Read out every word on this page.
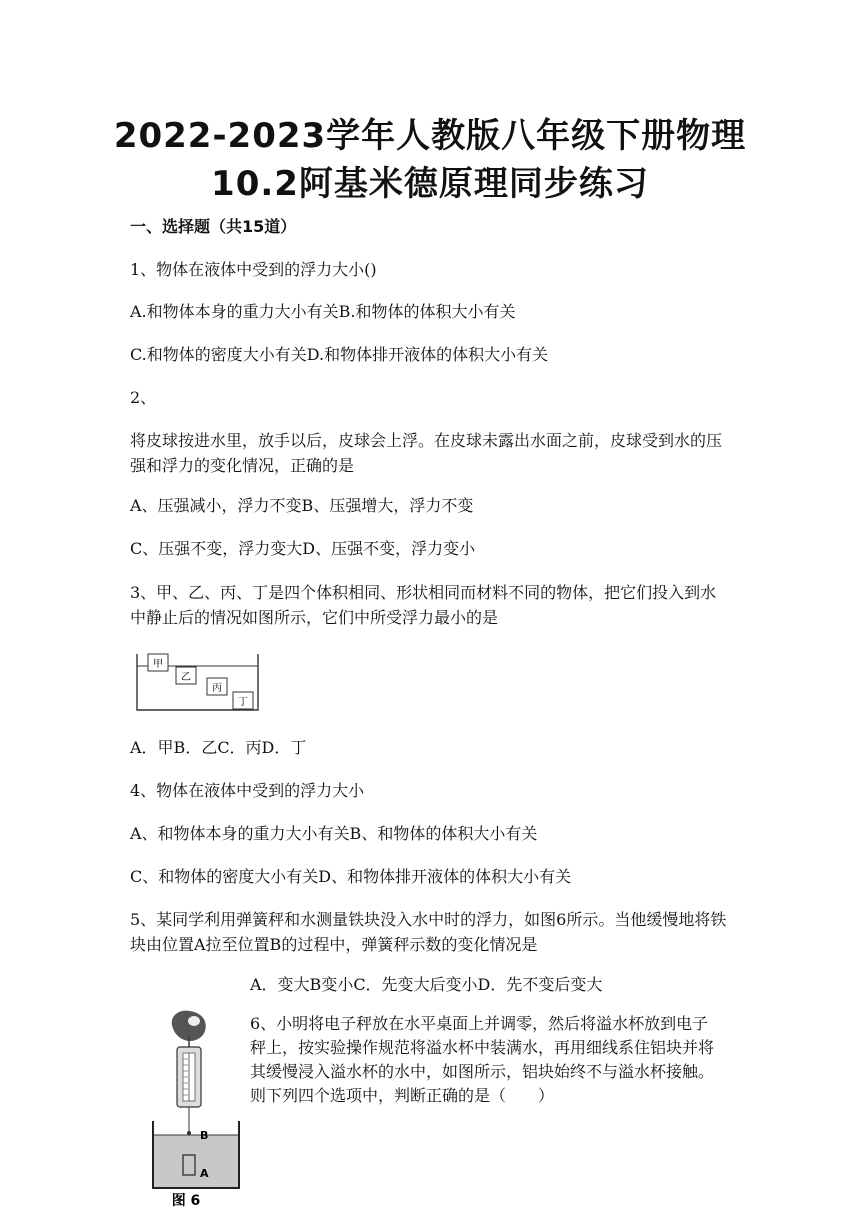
2022-2023学年人教版八年级下册物理
10.2阿基米德原理同步练习
一、选择题（共15道）
1、物体在液体中受到的浮力大小()
A.和物体本身的重力大小有关B.和物体的体积大小有关
C.和物体的密度大小有关D.和物体排开液体的体积大小有关
2、
将皮球按进水里，放手以后，皮球会上浮。在皮球未露出水面之前，皮球受到水的压强和浮力的变化情况，正确的是
A、压强减小，浮力不变B、压强增大，浮力不变
C、压强不变，浮力变大D、压强不变，浮力变小
3、甲、乙、丙、丁是四个体积相同、形状相同而材料不同的物体，把它们投入到水中静止后的情况如图所示，它们中所受浮力最小的是
甲
乙
丙
丁
A．甲B．乙C．丙D．丁
4、物体在液体中受到的浮力大小
A、和物体本身的重力大小有关B、和物体的体积大小有关
C、和物体的密度大小有关D、和物体排开液体的体积大小有关
5、某同学利用弹簧秤和水测量铁块没入水中时的浮力，如图6所示。当他缓慢地将铁块由位置A拉至位置B的过程中，弹簧秤示数的变化情况是
A．变大B变小C．先变大后变小D．先不变后变大
B
A
图 6
6、小明将电子秤放在水平桌面上并调零，然后将溢水杯放到电子秤上，按实验操作规范将溢水杯中装满水，再用细线系住铝块并将其缓慢浸入溢水杯的水中，如图所示，铝块始终不与溢水杯接触。则下列四个选项中，判断正确的是（　　）
